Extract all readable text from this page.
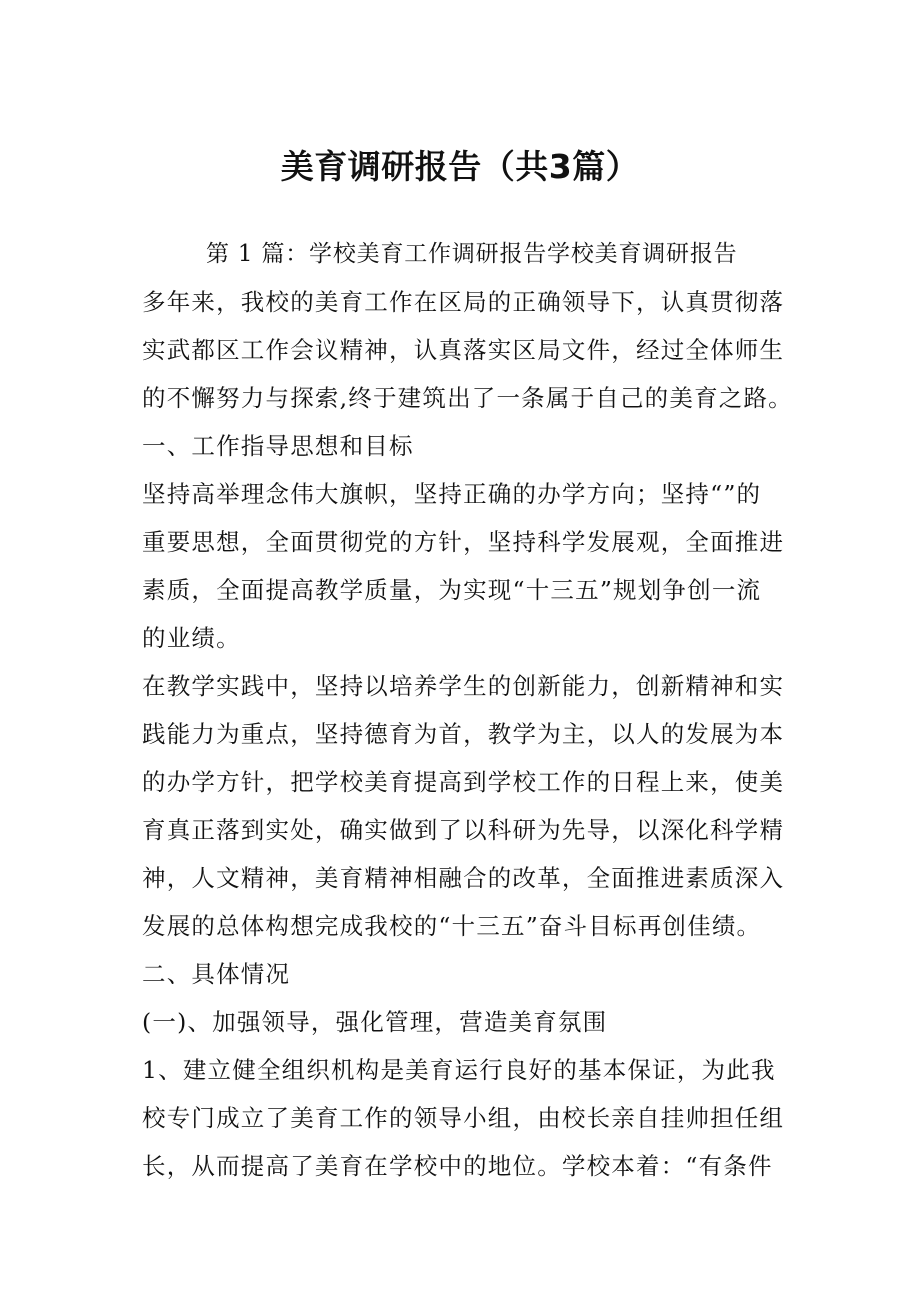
美育调研报告（共3篇）
第 1 篇：学校美育工作调研报告学校美育调研报告
多年来，我校的美育工作在区局的正确领导下，认真贯彻落
实武都区工作会议精神，认真落实区局文件，经过全体师生
的不懈努力与探索,终于建筑出了一条属于自己的美育之路。
一、工作指导思想和目标
坚持高举理念伟大旗帜，坚持正确的办学方向；坚持“”的
重要思想，全面贯彻党的方针，坚持科学发展观，全面推进
素质，全面提高教学质量，为实现“十三五”规划争创一流
的业绩。
在教学实践中，坚持以培养学生的创新能力，创新精神和实
践能力为重点，坚持德育为首，教学为主，以人的发展为本
的办学方针，把学校美育提高到学校工作的日程上来，使美
育真正落到实处，确实做到了以科研为先导，以深化科学精
神，人文精神，美育精神相融合的改革，全面推进素质深入
发展的总体构想完成我校的“十三五”奋斗目标再创佳绩。
二、具体情况
(一)、加强领导，强化管理，营造美育氛围
1、建立健全组织机构是美育运行良好的基本保证，为此我
校专门成立了美育工作的领导小组，由校长亲自挂帅担任组
长，从而提高了美育在学校中的地位。学校本着：“有条件
